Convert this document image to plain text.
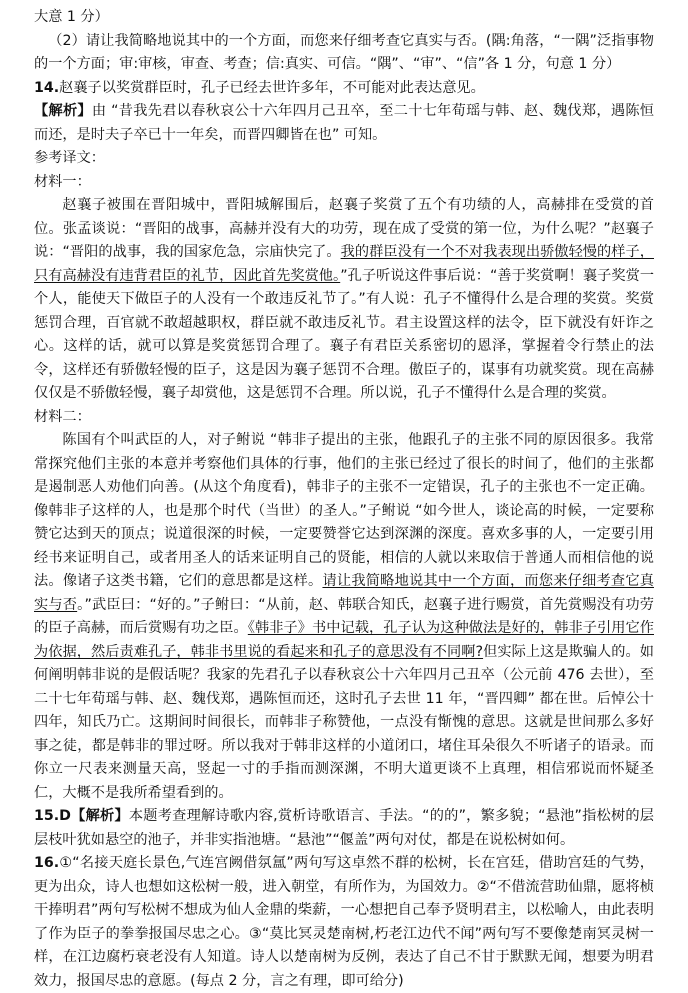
大意 1 分）

（2）请让我简略地说其中的一个方面，而您来仔细考查它真实与否。(隅:角落，“一隅”泛指事物的一个方面；审:审核，审查、考查；信:真实、可信。“隅”、“审”、“信”各 1 分，句意 1 分）

14.赵襄子以奖赏群臣时，孔子已经去世许多年，不可能对此表达意见。

【解析】由 “昔我先君以春秋哀公十六年四月己丑卒，至二十七年荀瑶与韩、赵、魏伐郑，遇陈恒而还，是时夫子卒已十一年矣，而晋四卿皆在也” 可知。

参考译文：

材料一：

赵襄子被围在晋阳城中，晋阳城解围后，赵襄子奖赏了五个有功绩的人，高赫排在受赏的首位。张孟谈说：“晋阳的战事，高赫并没有大的功劳，现在成了受赏的第一位，为什么呢？”赵襄子说：“晋阳的战事，我的国家危急，宗庙快完了。我的群臣没有一个不对我表现出骄傲轻慢的样子，只有高赫没有违背君臣的礼节，因此首先奖赏他。”孔子听说这件事后说：“善于奖赏啊！襄子奖赏一个人，能使天下做臣子的人没有一个敢违反礼节了。”有人说：孔子不懂得什么是合理的奖赏。奖赏惩罚合理，百官就不敢超越职权，群臣就不敢违反礼节。君主设置这样的法令，臣下就没有奸诈之心。这样的话，就可以算是奖赏惩罚合理了。襄子有君臣关系密切的恩泽，掌握着令行禁止的法令，这样还有骄傲轻慢的臣子，这是因为襄子惩罚不合理。傲臣子的，谋事有功就奖赏。现在高赫仅仅是不骄傲轻慢，襄子却赏他，这是惩罚不合理。所以说，孔子不懂得什么是合理的奖赏。

材料二：

陈国有个叫武臣的人，对子鲋说 “韩非子提出的主张，他跟孔子的主张不同的原因很多。我常常探究他们主张的本意并考察他们具体的行事，他们的主张已经过了很长的时间了，他们的主张都是遏制恶人劝他们向善。(从这个角度看)，韩非子的主张不一定错误，孔子的主张也不一定正确。像韩非子这样的人，也是那个时代（当世）的圣人。”子鲋说 “如今世人，谈论高的时候，一定要称赞它达到天的顶点；说道很深的时候，一定要赞誉它达到深渊的深度。喜欢多事的人，一定要引用经书来证明自己，或者用圣人的话来证明自己的贤能，相信的人就以来取信于普通人而相信他的说法。像诸子这类书籍，它们的意思都是这样。请让我简略地说其中一个方面，而您来仔细考查它真实与否。”武臣曰：“好的。”子鲋曰：“从前，赵、韩联合知氏，赵襄子进行赐赏，首先赏赐没有功劳的臣子高赫，而后赏赐有功之臣。《韩非子》书中记载，孔子认为这种做法是好的，韩非子引用它作为依据，然后责难孔子，韩非书里说的看起来和孔子的意思没有不同啊?但实际上这是欺骗人的。如何阐明韩非说的是假话呢？我家的先君孔子以春秋哀公十六年四月己丑卒（公元前 476 去世），至二十七年荀瑶与韩、赵、魏伐郑，遇陈恒而还，这时孔子去世 11 年，“晋四卿” 都在世。后悼公十四年，知氏乃亡。这期间时间很长，而韩非子称赞他，一点没有惭愧的意思。这就是世间那么多好事之徒，都是韩非的罪过呀。所以我对于韩非这样的小道闭口，堵住耳朵很久不听诸子的语录。而你立一尺表来测量天高，竖起一寸的手指而测深渊，不明大道更谈不上真理，相信邪说而怀疑圣仁，大概不是我所希望看到的。

15.D【解析】本题考查理解诗歌内容,赏析诗歌语言、手法。“的的”，繁多貌；“悬池”指松树的层层枝叶犹如悬空的池子，并非实指池塘。“悬池”“偃盖”两句对仗，都是在说松树如何。

16.①“名接天庭长景色,气连宫阙借氛氲”两句写这卓然不群的松树，长在宫廷，借助宫廷的气势，更为出众，诗人也想如这松树一般，进入朝堂，有所作为，为国效力。②“不借流营助仙鼎，愿将桢干捧明君”两句写松树不想成为仙人金鼎的柴薪，一心想把自己奉予贤明君主，以松喻人，由此表明了作为臣子的拳拳报国尽忠之心。③“莫比冥灵楚南树,朽老江边代不闻”两句写不要像楚南冥灵树一样，在江边腐朽衰老没有人知道。诗人以楚南树为反例，表达了自己不甘于默默无闻，想要为明君效力，报国尽忠的意愿。(每点 2 分，言之有理，即可给分)
